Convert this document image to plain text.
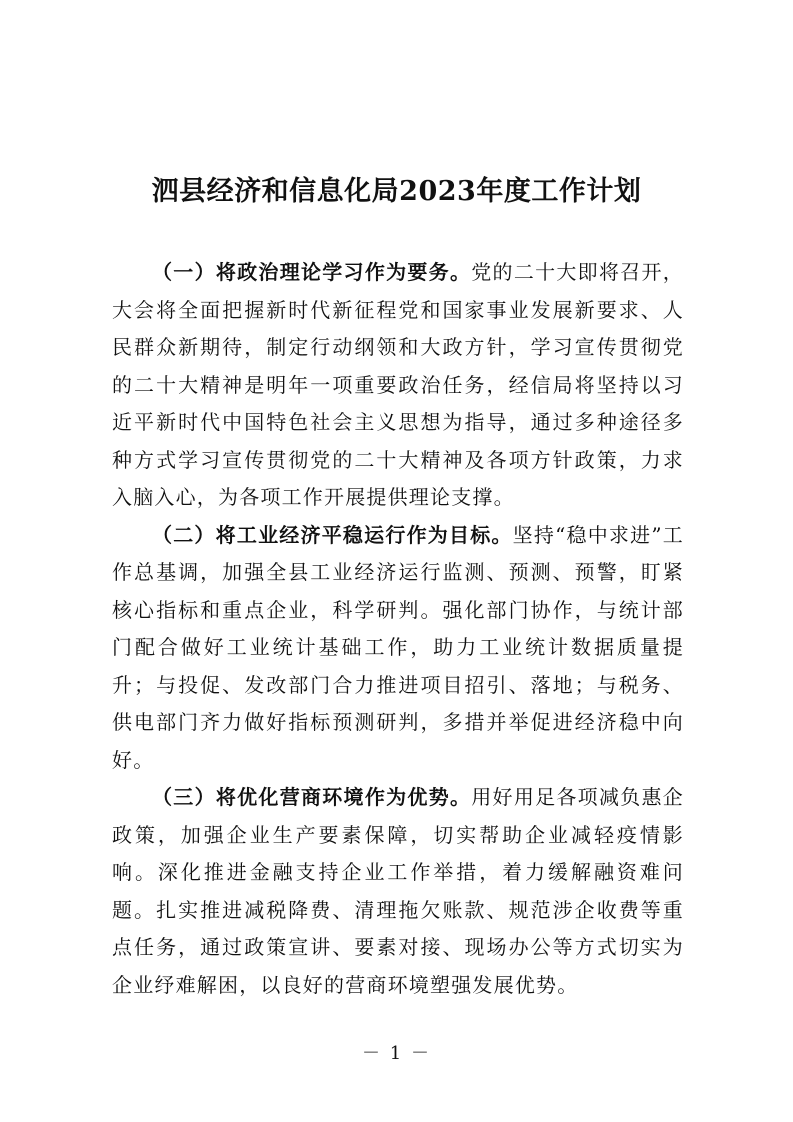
泗县经济和信息化局2023年度工作计划

（一）将政治理论学习作为要务。党的二十大即将召开，大会将全面把握新时代新征程党和国家事业发展新要求、人民群众新期待，制定行动纲领和大政方针，学习宣传贯彻党的二十大精神是明年一项重要政治任务，经信局将坚持以习近平新时代中国特色社会主义思想为指导，通过多种途径多种方式学习宣传贯彻党的二十大精神及各项方针政策，力求入脑入心，为各项工作开展提供理论支撑。

（二）将工业经济平稳运行作为目标。坚持“稳中求进”工作总基调，加强全县工业经济运行监测、预测、预警，盯紧核心指标和重点企业，科学研判。强化部门协作，与统计部门配合做好工业统计基础工作，助力工业统计数据质量提升；与投促、发改部门合力推进项目招引、落地；与税务、供电部门齐力做好指标预测研判，多措并举促进经济稳中向好。

（三）将优化营商环境作为优势。用好用足各项减负惠企政策，加强企业生产要素保障，切实帮助企业减轻疫情影响。深化推进金融支持企业工作举措，着力缓解融资难问题。扎实推进减税降费、清理拖欠账款、规范涉企收费等重点任务，通过政策宣讲、要素对接、现场办公等方式切实为企业纾难解困，以良好的营商环境塑强发展优势。

－ 1 －
